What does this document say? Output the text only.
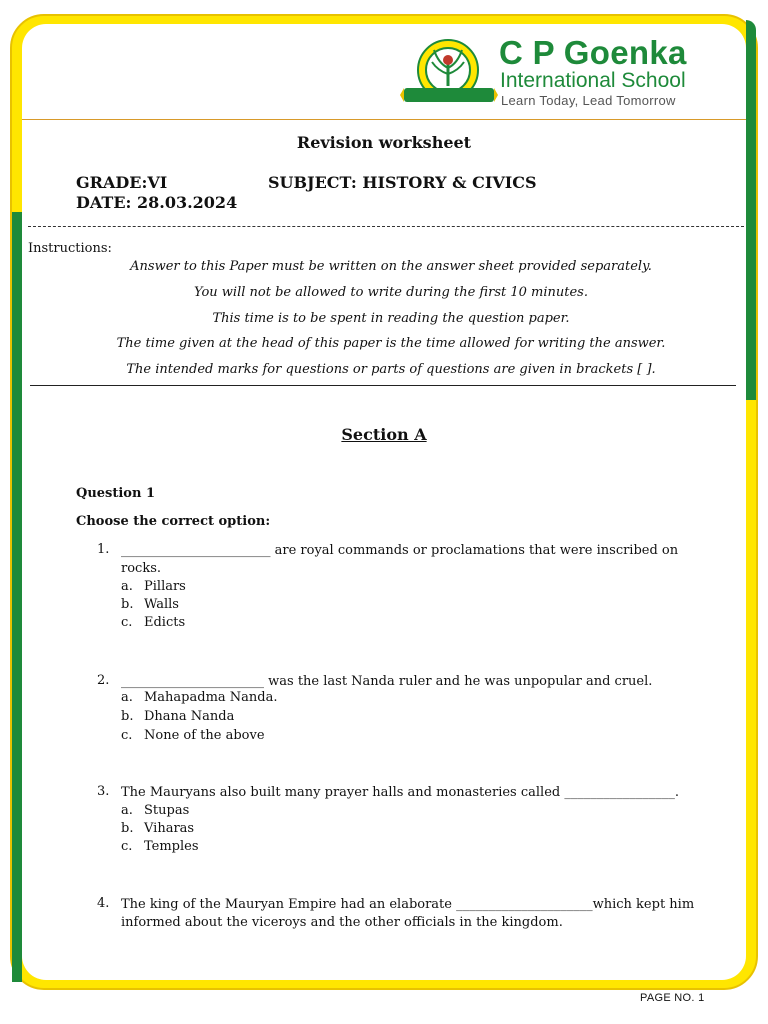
C P Goenka
International School
Learn Today, Lead Tomorrow
Revision worksheet
GRADE:VI	SUBJECT: HISTORY & CIVICS
DATE: 28.03.2024
Instructions:
Answer to this Paper must be written on the answer sheet provided separately.
You will not be allowed to write during the first 10 minutes.
This time is to be spent in reading the question paper.
The time given at the head of this paper is the time allowed for writing the answer.
The intended marks for questions or parts of questions are given in brackets [ ].
Section A
Question 1
Choose the correct option:
1. _______________________ are royal commands or proclamations that were inscribed on rocks.
a. Pillars
b. Walls
c. Edicts
2. ______________________ was the last Nanda ruler and he was unpopular and cruel.
a. Mahapadma Nanda.
b. Dhana Nanda
c. None of the above
3. The Mauryans also built many prayer halls and monasteries called _________________.
a. Stupas
b. Viharas
c. Temples
4. The king of the Mauryan Empire had an elaborate _____________________which kept him informed about the viceroys and the other officials in the kingdom.
PAGE NO. 1
